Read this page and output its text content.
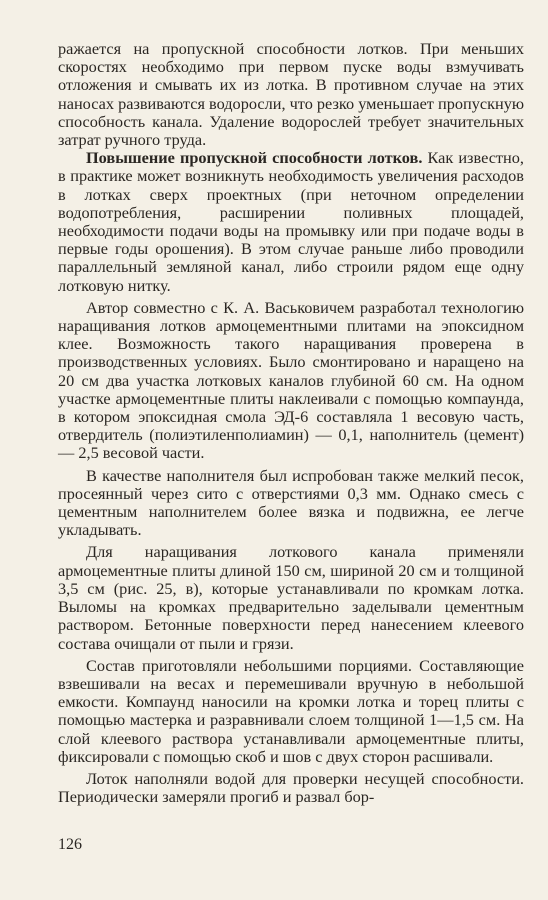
ражается на пропускной способности лотков. При меньших скоростях необходимо при первом пуске воды взмучивать отложения и смывать их из лотка. В противном случае на этих наносах развиваются водоросли, что резко уменьшает пропускную способность канала. Удаление водорослей требует значительных затрат ручного труда.

Повышение пропускной способности лотков. Как известно, в практике может возникнуть необходимость увеличения расходов в лотках сверх проектных (при неточном определении водопотребления, расширении поливных площадей, необходимости подачи воды на промывку или при подаче воды в первые годы орошения). В этом случае раньше либо проводили параллельный земляной канал, либо строили рядом еще одну лотковую нитку.

Автор совместно с К. А. Васьковичем разработал технологию наращивания лотков армоцементными плитами на эпоксидном клее. Возможность такого наращивания проверена в производственных условиях. Было смонтировано и наращено на 20 см два участка лотковых каналов глубиной 60 см. На одном участке армоцементные плиты наклеивали с помощью компаунда, в котором эпоксидная смола ЭД-6 составляла 1 весовую часть, отвердитель (полиэтиленполиамин) — 0,1, наполнитель (цемент) — 2,5 весовой части.

В качестве наполнителя был испробован также мелкий песок, просеянный через сито с отверстиями 0,3 мм. Однако смесь с цементным наполнителем более вязка и подвижна, ее легче укладывать.

Для наращивания лоткового канала применяли армоцементные плиты длиной 150 см, шириной 20 см и толщиной 3,5 см (рис. 25, в), которые устанавливали по кромкам лотка. Выломы на кромках предварительно заделывали цементным раствором. Бетонные поверхности перед нанесением клеевого состава очищали от пыли и грязи.

Состав приготовляли небольшими порциями. Составляющие взвешивали на весах и перемешивали вручную в небольшой емкости. Компаунд наносили на кромки лотка и торец плиты с помощью мастерка и разравнивали слоем толщиной 1—1,5 см. На слой клеевого раствора устанавливали армоцементные плиты, фиксировали с помощью скоб и шов с двух сторон расшивали.

Лоток наполняли водой для проверки несущей способности. Периодически замеряли прогиб и развал бор-

126
